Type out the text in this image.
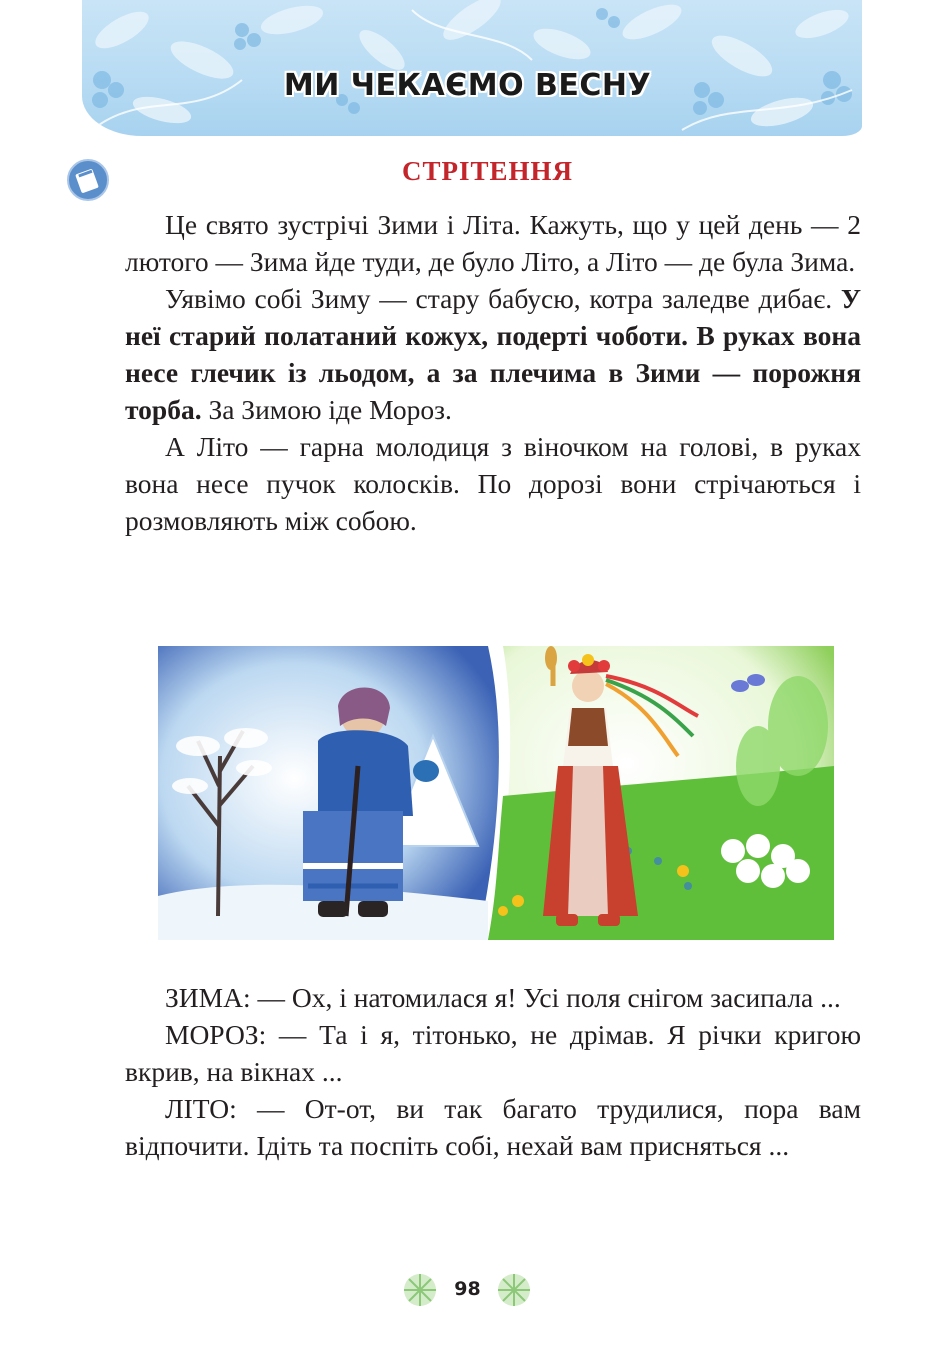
МИ ЧЕКАЄМО ВЕСНУ
СТРІТЕННЯ

Це свято зустрічі Зими і Літа. Кажуть, що у цей день — 2 лютого — Зима йде туди, де було Літо, а Літо — де була Зима.

Уявімо собі Зиму — стару бабусю, котра заледве дибає. У неї старий полатаний кожух, подерті чоботи. В руках вона несе глечик із льодом, а за плечима в Зими — порожня торба. За Зимою іде Мороз.

А Літо — гарна молодиця з віночком на голові, в руках вона несе пучок колосків. По дорозі вони стрічаються і розмовляють між собою.

ЗИМА: — Ох, і натомилася я! Усі поля снігом засипала ...

МОРОЗ: — Та і я, тітонько, не дрімав. Я річки кригою вкрив, на вікнах ...

ЛІТО: — От-от, ви так багато трудилися, пора вам відпочити. Ідіть та поспіть собі, нехай вам присняться ...

98
